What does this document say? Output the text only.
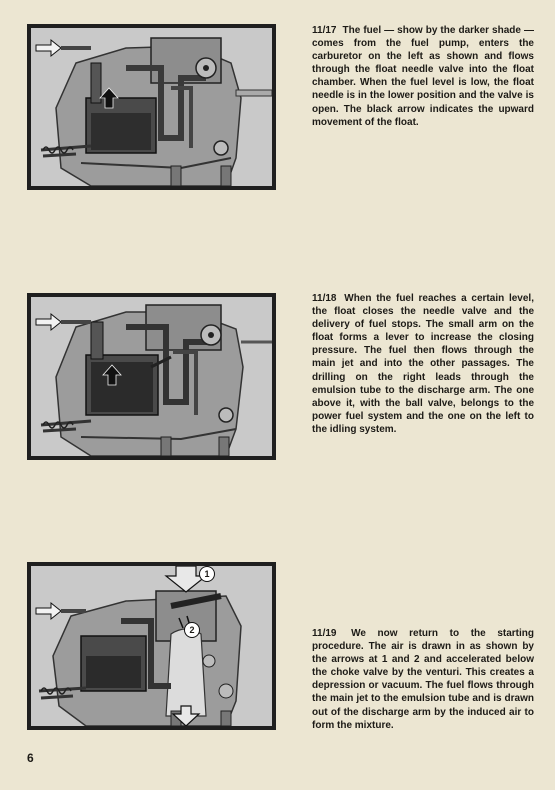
11/17 The fuel — show by the darker shade — comes from the fuel pump, enters the carburetor on the left as shown and flows through the float needle valve into the float chamber. When the fuel level is low, the float needle is in the lower position and the valve is open. The black arrow indicates the upward movement of the float.
11/18 When the fuel reaches a certain level, the float closes the needle valve and the delivery of fuel stops. The small arm on the float forms a lever to increase the closing pressure. The fuel then flows through the main jet and into the other passages. The drilling on the right leads through the emulsion tube to the discharge arm. The one above it, with the ball valve, belongs to the power fuel system and the one on the left to the idling system.
1
2	11/19 We now return to the starting procedure. The air is drawn in as shown by the arrows at 1 and 2 and accelerated below the choke valve by the venturi. This creates a depression or vacuum. The fuel flows through the main jet to the emulsion tube and is drawn out of the discharge arm by the induced air to form the mixture.
6
